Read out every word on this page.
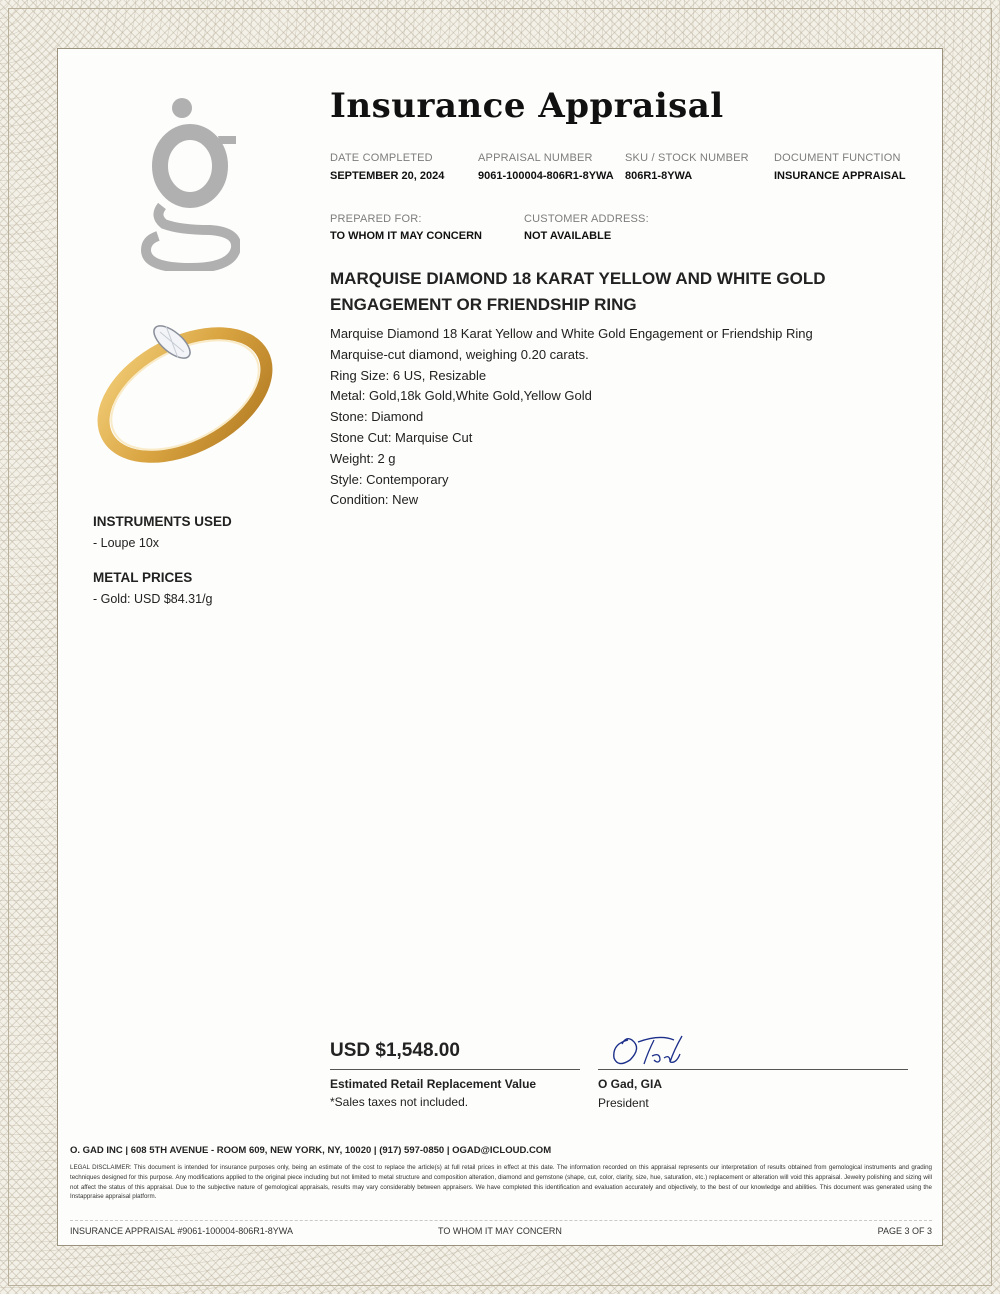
Insurance Appraisal
DATE COMPLETED
SEPTEMBER 20, 2024
APPRAISAL NUMBER
9061-100004-806R1-8YWA
SKU / STOCK NUMBER
806R1-8YWA
DOCUMENT FUNCTION
INSURANCE APPRAISAL
PREPARED FOR:
TO WHOM IT MAY CONCERN
CUSTOMER ADDRESS:
NOT AVAILABLE
MARQUISE DIAMOND 18 KARAT YELLOW AND WHITE GOLD ENGAGEMENT OR FRIENDSHIP RING
Marquise Diamond 18 Karat Yellow and White Gold Engagement or Friendship Ring
Marquise-cut diamond, weighing 0.20 carats.
Ring Size: 6 US, Resizable
Metal: Gold,18k Gold,White Gold,Yellow Gold
Stone: Diamond
Stone Cut: Marquise Cut
Weight: 2 g
Style: Contemporary
Condition: New
INSTRUMENTS USED
- Loupe 10x
METAL PRICES
- Gold: USD $84.31/g
USD $1,548.00
Estimated Retail Replacement Value
*Sales taxes not included.
O Gad, GIA
President
O. GAD INC | 608 5TH AVENUE - ROOM 609, NEW YORK, NY, 10020 | (917) 597-0850 | OGAD@ICLOUD.COM
LEGAL DISCLAIMER: This document is intended for insurance purposes only, being an estimate of the cost to replace the article(s) at full retail prices in effect at this date. The information recorded on this appraisal represents our interpretation of results obtained from gemological instruments and grading techniques designed for this purpose. Any modifications applied to the original piece including but not limited to metal structure and composition alteration, diamond and gemstone (shape, cut, color, clarity, size, hue, saturation, etc.) replacement or alteration will void this appraisal. Jewelry polishing and sizing will not affect the status of this appraisal. Due to the subjective nature of gemological appraisals, results may vary considerably between appraisers. We have completed this identification and evaluation accurately and objectively, to the best of our knowledge and abilities. This document was generated using the Instappraise appraisal platform.
INSURANCE APPRAISAL #9061-100004-806R1-8YWA	TO WHOM IT MAY CONCERN	PAGE 3 OF 3
